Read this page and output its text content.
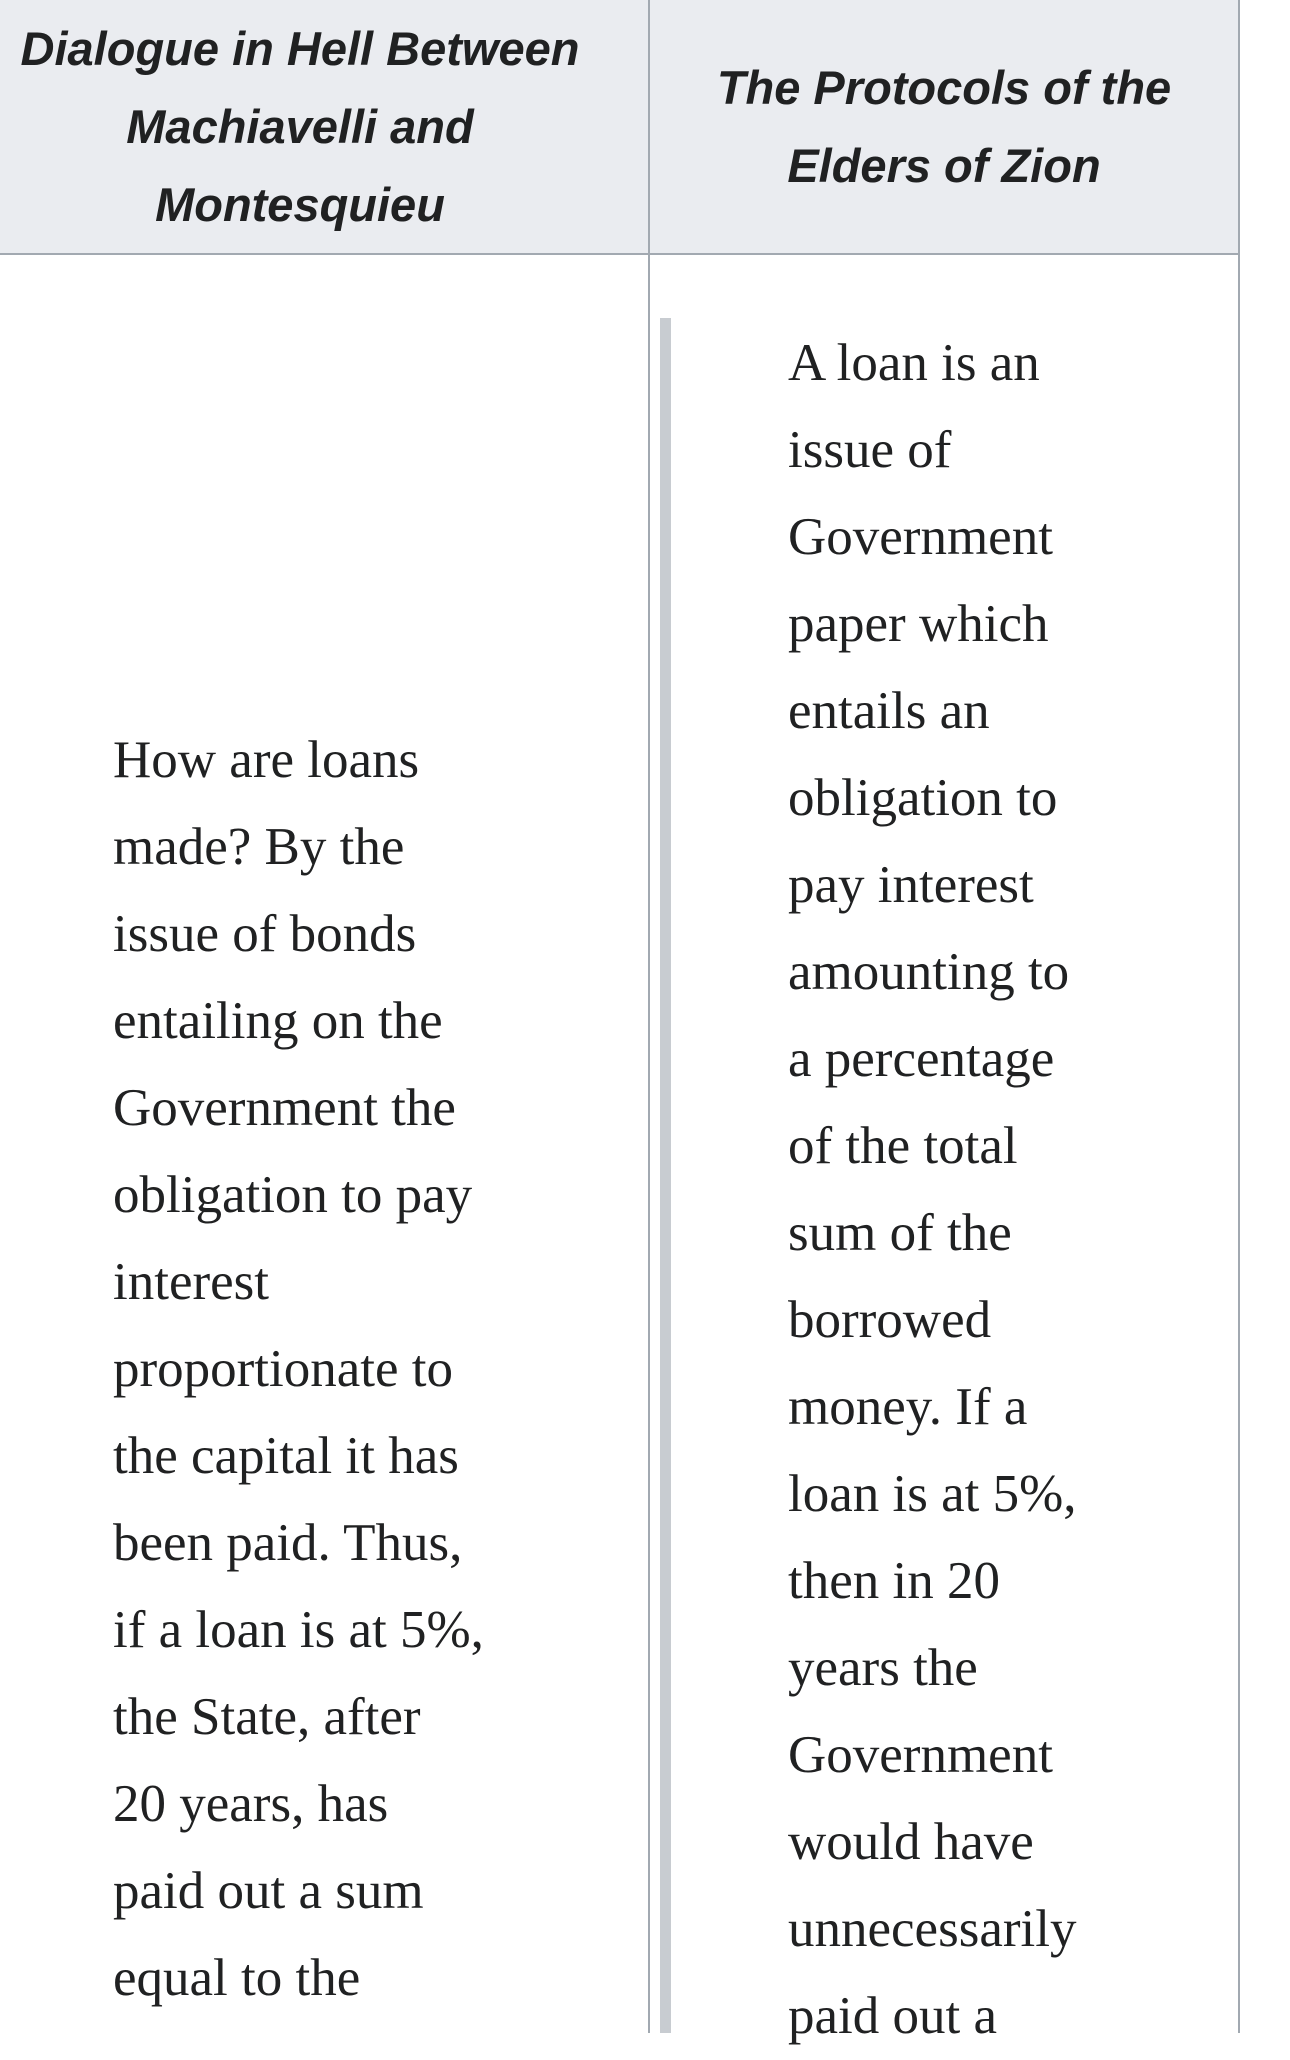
Dialogue in Hell Between
Machiavelli and
Montesquieu
The Protocols of the
Elders of Zion
How are loans
made? By the
issue of bonds
entailing on the
Government the
obligation to pay
interest
proportionate to
the capital it has
been paid. Thus,
if a loan is at 5%,
the State, after
20 years, has
paid out a sum
equal to the
A loan is an
issue of
Government
paper which
entails an
obligation to
pay interest
amounting to
a percentage
of the total
sum of the
borrowed
money. If a
loan is at 5%,
then in 20
years the
Government
would have
unnecessarily
paid out a
